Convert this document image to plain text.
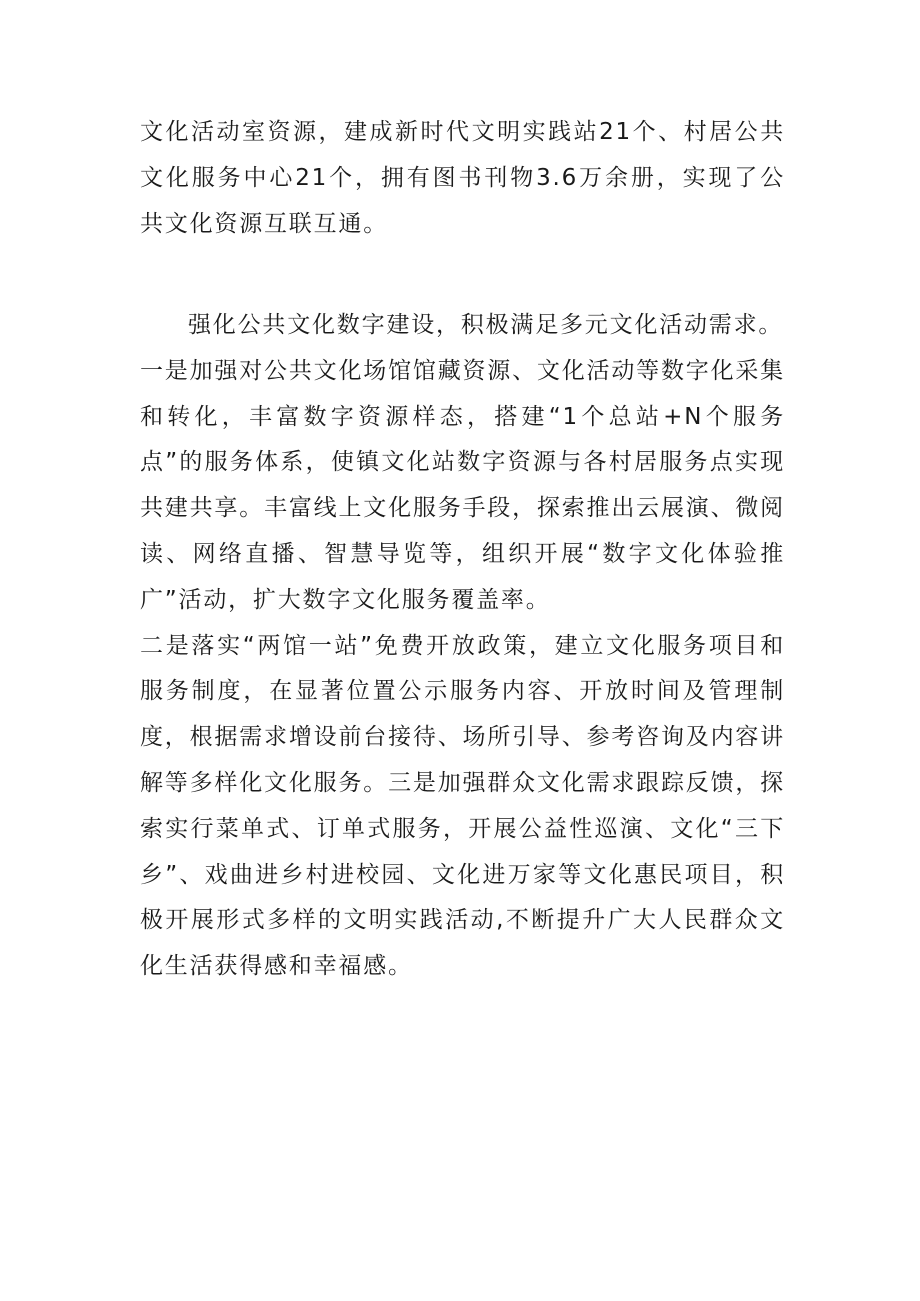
文化活动室资源，建成新时代文明实践站21个、村居公共文化服务中心21个，拥有图书刊物3.6万余册，实现了公共文化资源互联互通。

强化公共文化数字建设，积极满足多元文化活动需求。

一是加强对公共文化场馆馆藏资源、文化活动等数字化采集和转化，丰富数字资源样态，搭建“1个总站+N个服务点”的服务体系，使镇文化站数字资源与各村居服务点实现共建共享。丰富线上文化服务手段，探索推出云展演、微阅读、网络直播、智慧导览等，组织开展“数字文化体验推广”活动，扩大数字文化服务覆盖率。

二是落实“两馆一站”免费开放政策，建立文化服务项目和服务制度，在显著位置公示服务内容、开放时间及管理制度，根据需求增设前台接待、场所引导、参考咨询及内容讲解等多样化文化服务。三是加强群众文化需求跟踪反馈，探索实行菜单式、订单式服务，开展公益性巡演、文化“三下乡”、戏曲进乡村进校园、文化进万家等文化惠民项目，积极开展形式多样的文明实践活动,不断提升广大人民群众文化生活获得感和幸福感。
